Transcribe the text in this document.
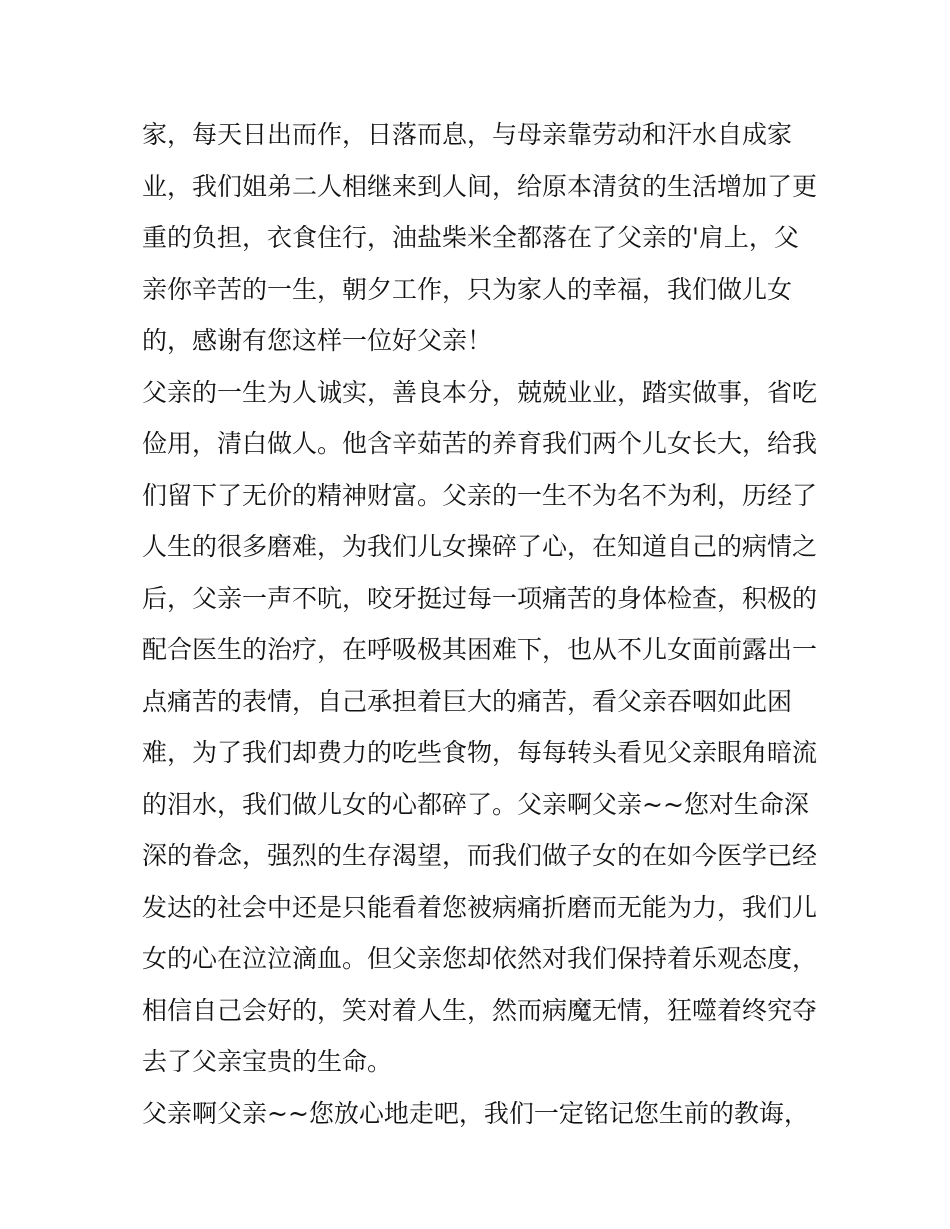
家，每天日出而作，日落而息，与母亲靠劳动和汗水自成家
业，我们姐弟二人相继来到人间，给原本清贫的生活增加了更
重的负担，衣食住行，油盐柴米全都落在了父亲的'肩上，父
亲你辛苦的一生，朝夕工作，只为家人的幸福，我们做儿女
的，感谢有您这样一位好父亲！
父亲的一生为人诚实，善良本分，兢兢业业，踏实做事，省吃
俭用，清白做人。他含辛茹苦的养育我们两个儿女长大，给我
们留下了无价的精神财富。父亲的一生不为名不为利，历经了
人生的很多磨难，为我们儿女操碎了心，在知道自己的病情之
后，父亲一声不吭，咬牙挺过每一项痛苦的身体检查，积极的
配合医生的治疗，在呼吸极其困难下，也从不儿女面前露出一
点痛苦的表情，自己承担着巨大的痛苦，看父亲吞咽如此困
难，为了我们却费力的吃些食物，每每转头看见父亲眼角暗流
的泪水，我们做儿女的心都碎了。父亲啊父亲~~您对生命深
深的眷念，强烈的生存渴望，而我们做子女的在如今医学已经
发达的社会中还是只能看着您被病痛折磨而无能为力，我们儿
女的心在泣泣滴血。但父亲您却依然对我们保持着乐观态度，
相信自己会好的，笑对着人生，然而病魔无情，狂噬着终究夺
去了父亲宝贵的生命。
父亲啊父亲~~您放心地走吧，我们一定铭记您生前的教诲，
